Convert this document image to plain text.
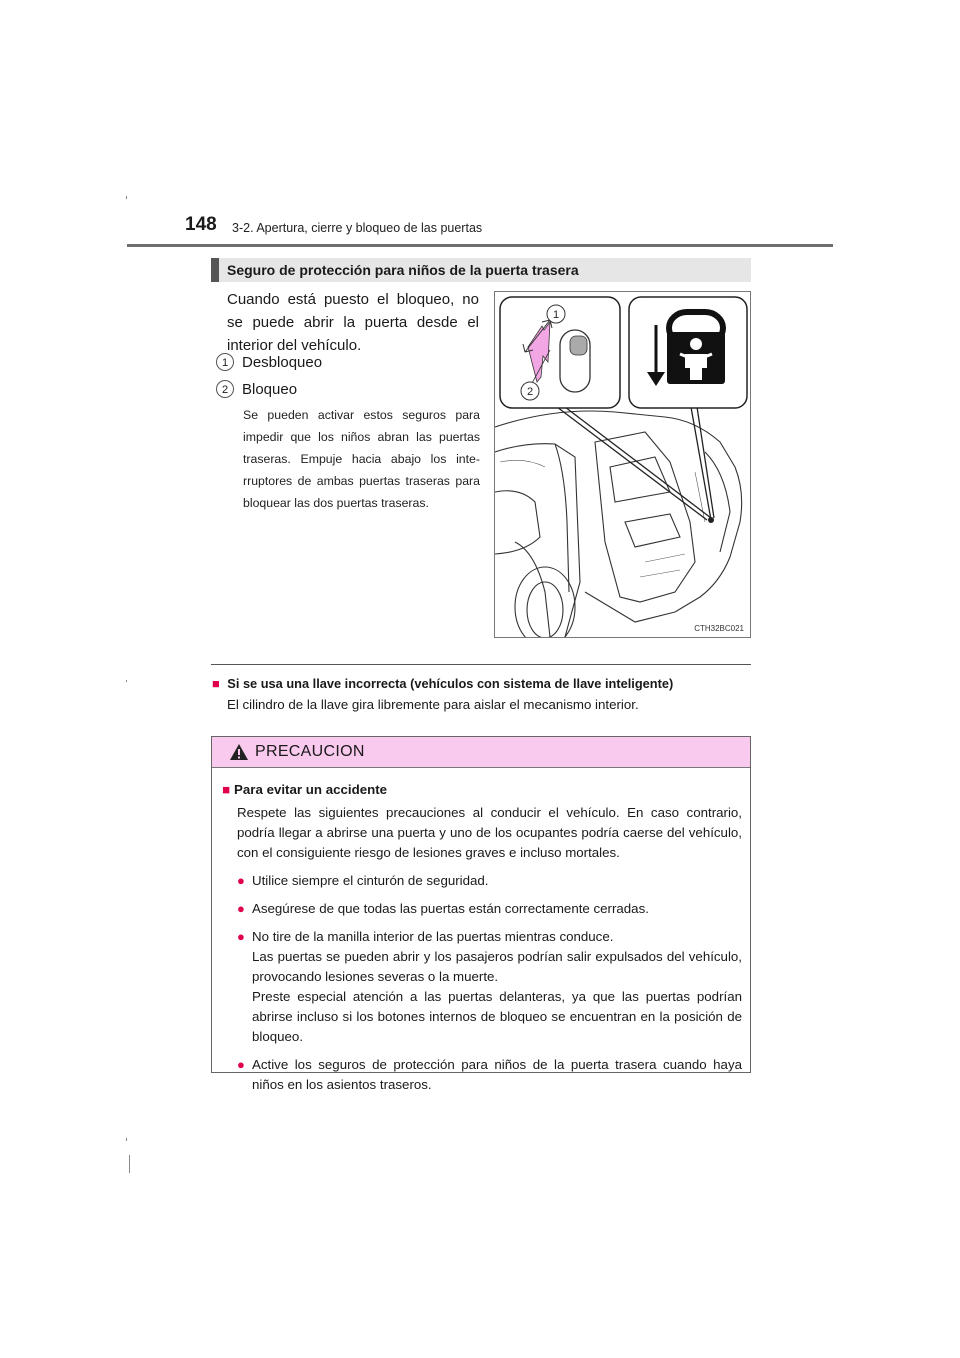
148 3-2. Apertura, cierre y bloqueo de las puertas
Seguro de protección para niños de la puerta trasera
Cuando está puesto el bloqueo, no se puede abrir la puerta desde el interior del vehículo.
1 Desbloqueo
2 Bloqueo
Se pueden activar estos seguros para impedir que los niños abran las puertas traseras. Empuje hacia abajo los inte-rruptores de ambas puertas traseras para bloquear las dos puertas traseras.
1
2
CTH32BC021
■ Si se usa una llave incorrecta (vehículos con sistema de llave inteligente)
El cilindro de la llave gira libremente para aislar el mecanismo interior.
PRECAUCION
■ Para evitar un accidente
Respete las siguientes precauciones al conducir el vehículo. En caso contrario, podría llegar a abrirse una puerta y uno de los ocupantes podría caerse del vehículo, con el consiguiente riesgo de lesiones graves e incluso mortales.
● Utilice siempre el cinturón de seguridad.
● Asegúrese de que todas las puertas están correctamente cerradas.
● No tire de la manilla interior de las puertas mientras conduce.
Las puertas se pueden abrir y los pasajeros podrían salir expulsados del vehículo, provocando lesiones severas o la muerte.
Preste especial atención a las puertas delanteras, ya que las puertas podrían abrirse incluso si los botones internos de bloqueo se encuentran en la posición de bloqueo.
● Active los seguros de protección para niños de la puerta trasera cuando haya niños en los asientos traseros.
